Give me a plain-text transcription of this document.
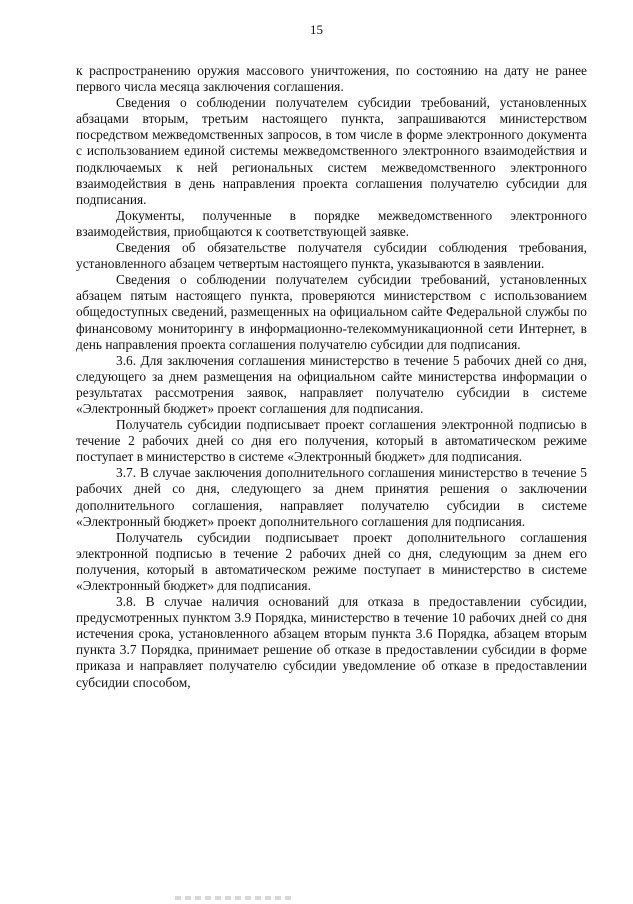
15

к распространению оружия массового уничтожения, по состоянию на дату не ранее первого числа месяца заключения соглашения.

Сведения о соблюдении получателем субсидии требований, установленных абзацами вторым, третьим настоящего пункта, запрашиваются министерством посредством межведомственных запросов, в том числе в форме электронного документа с использованием единой системы межведомственного электронного взаимодействия и подключаемых к ней региональных систем межведомственного электронного взаимодействия в день направления проекта соглашения получателю субсидии для подписания.

Документы, полученные в порядке межведомственного электронного взаимодействия, приобщаются к соответствующей заявке.

Сведения об обязательстве получателя субсидии соблюдения требования, установленного абзацем четвертым настоящего пункта, указываются в заявлении.

Сведения о соблюдении получателем субсидии требований, установленных абзацем пятым настоящего пункта, проверяются министерством с использованием общедоступных сведений, размещенных на официальном сайте Федеральной службы по финансовому мониторингу в информационно-телекоммуникационной сети Интернет, в день направления проекта соглашения получателю субсидии для подписания.

3.6. Для заключения соглашения министерство в течение 5 рабочих дней со дня, следующего за днем размещения на официальном сайте министерства информации о результатах рассмотрения заявок, направляет получателю субсидии в системе «Электронный бюджет» проект соглашения для подписания.

Получатель субсидии подписывает проект соглашения электронной подписью в течение 2 рабочих дней со дня его получения, который в автоматическом режиме поступает в министерство в системе «Электронный бюджет» для подписания.

3.7. В случае заключения дополнительного соглашения министерство в течение 5 рабочих дней со дня, следующего за днем принятия решения о заключении дополнительного соглашения, направляет получателю субсидии в системе «Электронный бюджет» проект дополнительного соглашения для подписания.

Получатель субсидии подписывает проект дополнительного соглашения электронной подписью в течение 2 рабочих дней со дня, следующим за днем его получения, который в автоматическом режиме поступает в министерство в системе «Электронный бюджет» для подписания.

3.8. В случае наличия оснований для отказа в предоставлении субсидии, предусмотренных пунктом 3.9 Порядка, министерство в течение 10 рабочих дней со дня истечения срока, установленного абзацем вторым пункта 3.6 Порядка, абзацем вторым пункта 3.7 Порядка, принимает решение об отказе в предоставлении субсидии в форме приказа и направляет получателю субсидии уведомление об отказе в предоставлении субсидии способом,
